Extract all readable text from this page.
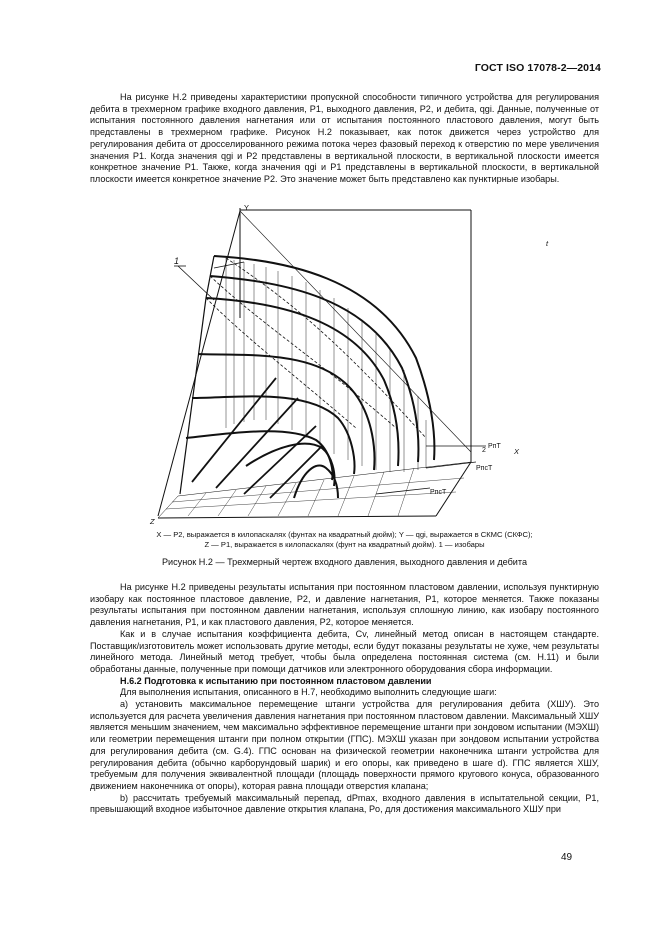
ГОСТ ISO 17078-2—2014

На рисунке Н.2 приведены характеристики пропускной способности типичного устройства для регулирования дебита в трехмерном графике входного давления, P1, выходного давления, P2, и дебита, qgi. Данные, полученные от испытания постоянного давления нагнетания или от испытания постоянного пластового давления, могут быть представлены в трехмерном графике. Рисунок Н.2 показывает, как поток движется через устройство для регулирования дебита от дросселированного режима потока через фазовый переход к отверстию по мере увеличения значения P1. Когда значения qgi и P2 представлены в вертикальной плоскости, в вертикальной плоскости имеется конкретное значение P1. Также, когда значения qgi и P1 представлены в вертикальной плоскости, в вертикальной плоскости имеется конкретное значение P2. Это значение может быть представлено как пунктирные изобары.

Y
X
Z
1
2
t
PпТ
PпсТ
PпсТ
X — P2, выражается в килопаскалях (фунтах на квадратный дюйм); Y — qgi, выражается в СКМС (СКФС);
Z — P1, выражается в килопаскалях (фунт на квадратный дюйм). 1 — изобары
Рисунок Н.2 — Трехмерный чертеж входного давления, выходного давления и дебита

На рисунке Н.2 приведены результаты испытания при постоянном пластовом давлении, используя пунктирную изобару как постоянное пластовое давление, P2, и давление нагнетания, P1, которое меняется. Также показаны результаты испытания при постоянном давлении нагнетания, используя сплошную линию, как изобару постоянного давления нагнетания, P1, и как пластового давления, P2, которое меняется.

Как и в случае испытания коэффициента дебита, Cv, линейный метод описан в настоящем стандарте. Поставщик/изготовитель может использовать другие методы, если будут показаны результаты не хуже, чем результаты линейного метода. Линейный метод требует, чтобы была определена постоянная система (см. Н.11) и были обработаны данные, полученные при помощи датчиков или электронного оборудования сбора информации.

Н.6.2 Подготовка к испытанию при постоянном пластовом давлении

Для выполнения испытания, описанного в Н.7, необходимо выполнить следующие шаги:

a) установить максимальное перемещение штанги устройства для регулирования дебита (ХШУ). Это используется для расчета увеличения давления нагнетания при постоянном пластовом давлении. Максимальный ХШУ является меньшим значением, чем максимально эффективное перемещение штанги при зондовом испытании (МЭХШ) или геометрии перемещения штанги при полном открытии (ГПС). МЭХШ указан при зондовом испытании устройства для регулирования дебита (см. G.4). ГПС основан на физической геометрии наконечника штанги устройства для регулирования дебита (обычно карборундовый шарик) и его опоры, как приведено в шаге d). ГПС является ХШУ, требуемым для получения эквивалентной площади (площадь поверхности прямого кругового конуса, образованного движением наконечника от опоры), которая равна площади отверстия клапана;

b) рассчитать требуемый максимальный перепад, dPmax, входного давления в испытательной секции, P1, превышающий входное избыточное давление открытия клапана, Po, для достижения максимального ХШУ при

49
